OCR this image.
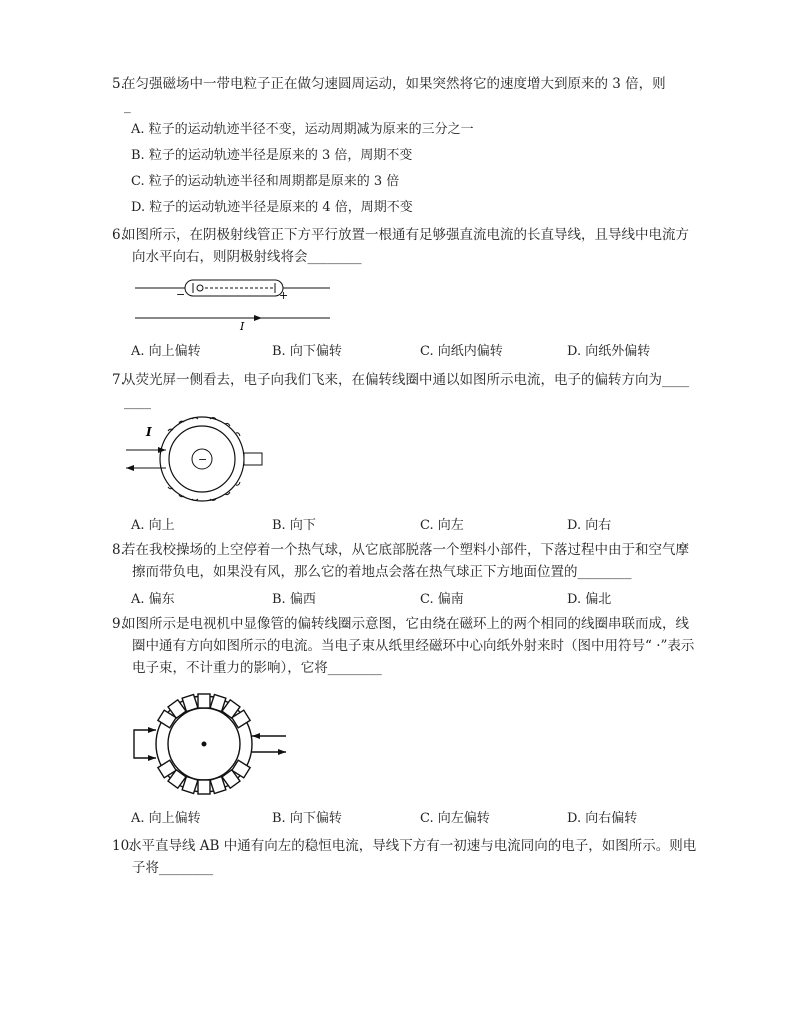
5.在匀强磁场中一带电粒子正在做匀速圆周运动，如果突然将它的速度增大到原来的 3 倍，则
_
A. 粒子的运动轨迹半径不变，运动周期减为原来的三分之一
B. 粒子的运动轨迹半径是原来的 3 倍，周期不变
C. 粒子的运动轨迹半径和周期都是原来的 3 倍
D. 粒子的运动轨迹半径是原来的 4 倍，周期不变
6.如图所示，在阴极射线管正下方平行放置一根通有足够强直流电流的长直导线，且导线中电流方
向水平向右，则阴极射线将会________
−	+
I
A. 向上偏转	B. 向下偏转	C. 向纸内偏转	D. 向纸外偏转
7.从荧光屏一侧看去，电子向我们飞来，在偏转线圈中通以如图所示电流，电子的偏转方向为____
____
−
I
A. 向上	B. 向下	C. 向左	D. 向右
8.若在我校操场的上空停着一个热气球，从它底部脱落一个塑料小部件，下落过程中由于和空气摩
擦而带负电，如果没有风，那么它的着地点会落在热气球正下方地面位置的________
A. 偏东	B. 偏西	C. 偏南	D. 偏北
9.如图所示是电视机中显像管的偏转线圈示意图，它由绕在磁环上的两个相同的线圈串联而成，线
圈中通有方向如图所示的电流。当电子束从纸里经磁环中心向纸外射来时（图中用符号“ ·”表示
电子束，不计重力的影响），它将________
A. 向上偏转	B. 向下偏转	C. 向左偏转	D. 向右偏转
10.水平直导线 AB 中通有向左的稳恒电流，导线下方有一初速与电流同向的电子，如图所示。则电
子将________
